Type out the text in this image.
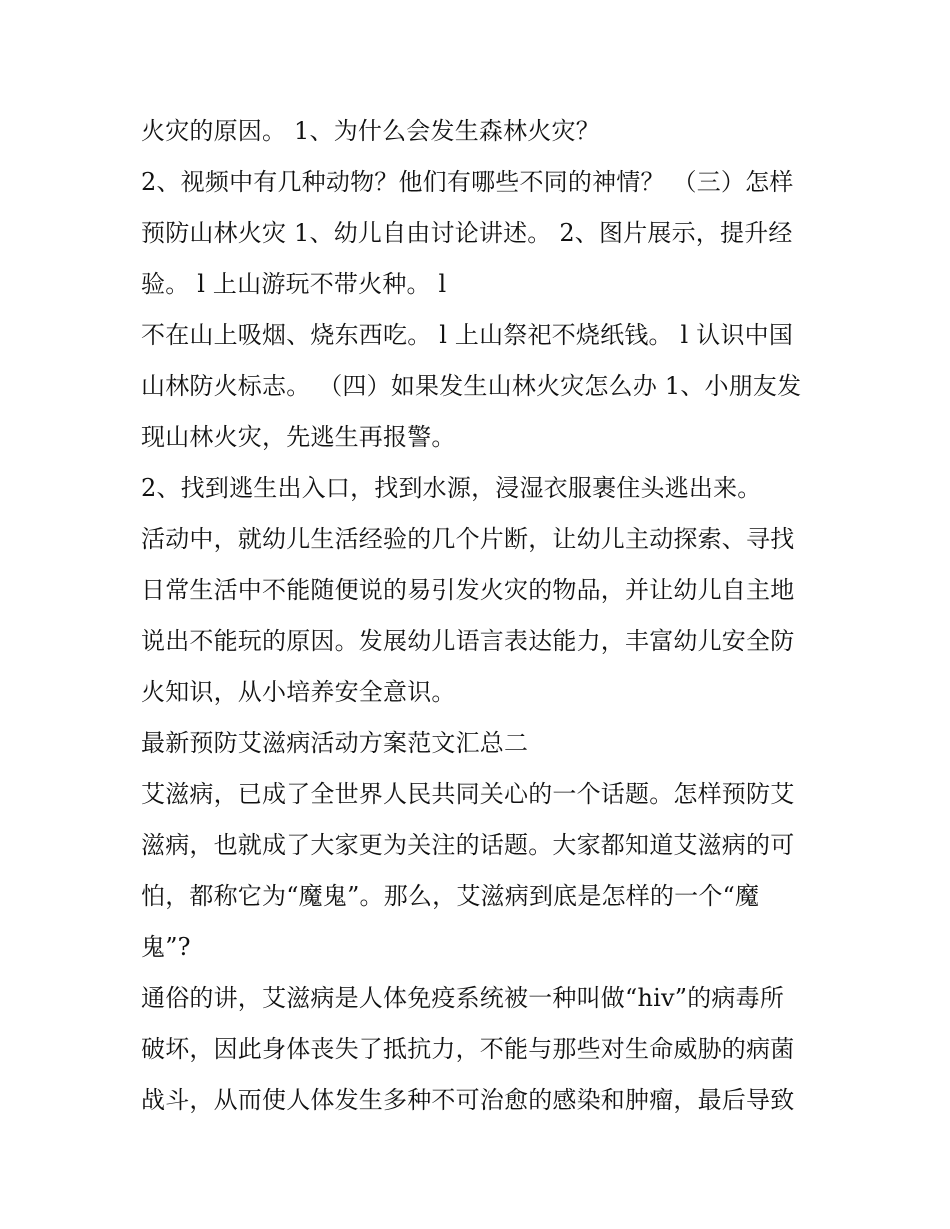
火灾的原因。 1、为什么会发生森林火灾？
2、视频中有几种动物？他们有哪些不同的神情？ （三）怎样
预防山林火灾 1、幼儿自由讨论讲述。 2、图片展示，提升经
验。 l 上山游玩不带火种。 l
不在山上吸烟、烧东西吃。 l 上山祭祀不烧纸钱。 l 认识中国
山林防火标志。 （四）如果发生山林火灾怎么办 1、小朋友发
现山林火灾，先逃生再报警。
2、找到逃生出入口，找到水源，浸湿衣服裹住头逃出来。
活动中，就幼儿生活经验的几个片断，让幼儿主动探索、寻找
日常生活中不能随便说的易引发火灾的物品，并让幼儿自主地
说出不能玩的原因。发展幼儿语言表达能力，丰富幼儿安全防
火知识，从小培养安全意识。
最新预防艾滋病活动方案范文汇总二
艾滋病，已成了全世界人民共同关心的一个话题。怎样预防艾
滋病，也就成了大家更为关注的话题。大家都知道艾滋病的可
怕，都称它为“魔鬼”。那么，艾滋病到底是怎样的一个“魔
鬼”?
通俗的讲，艾滋病是人体免疫系统被一种叫做“hiv”的病毒所
破坏，因此身体丧失了抵抗力，不能与那些对生命威胁的病菌
战斗，从而使人体发生多种不可治愈的感染和肿瘤，最后导致
